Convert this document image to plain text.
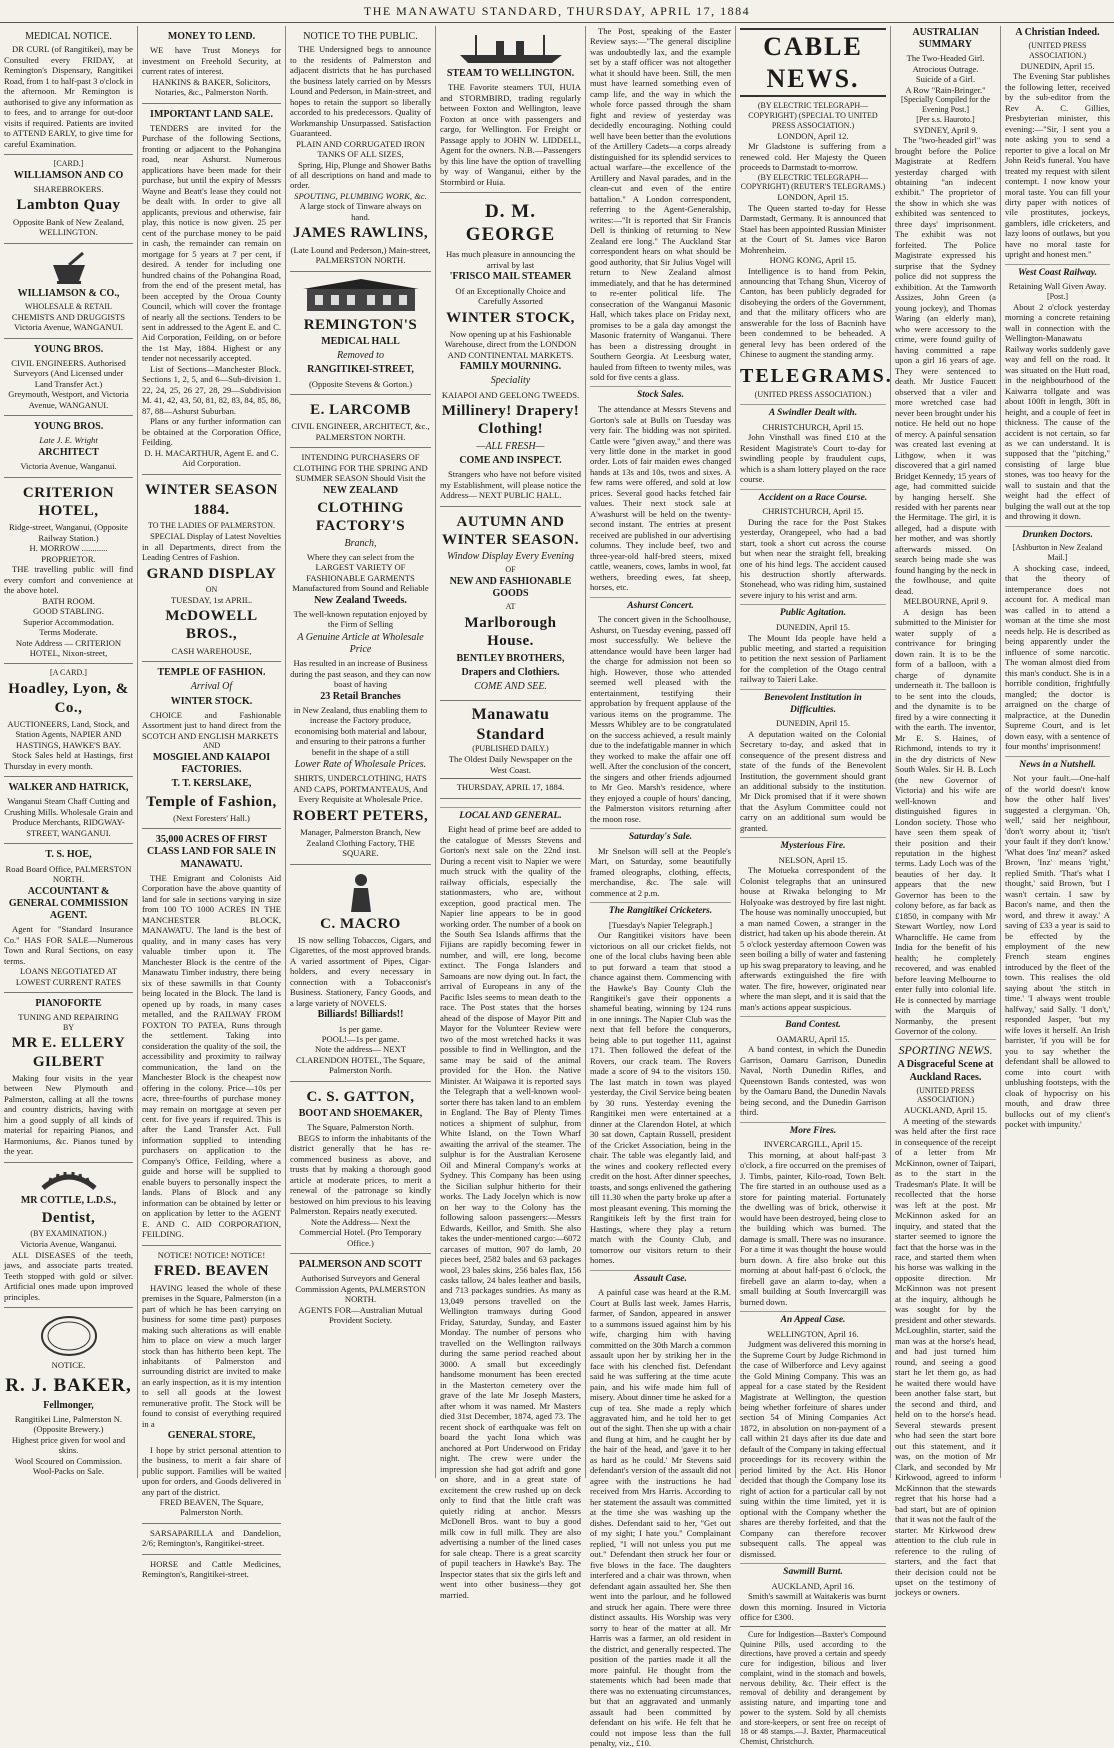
THE MANAWATU STANDARD, THURSDAY, APRIL 17, 1884
MEDICAL NOTICE.
DR CURL (of Rangitikei), may be Consulted every FRIDAY, at Remington's Dispensary, Rangitikei Road, from 1 to half-past 3 o'clock in the afternoon. Mr Remington is authorised to give any information as to fees, and to arrange for out-door visits if required. Patients are invited to ATTEND EARLY, to give time for careful Examination.
[CARD.]
WILLIAMSON AND CO
SHAREBROKERS.
Lambton Quay
Opposite Bank of New Zealand, WELLINGTON.
WILLIAMSON & CO.,
WHOLESALE & RETAIL
CHEMISTS AND DRUGGISTS
Victoria Avenue, WANGANUI.
YOUNG BROS.
CIVIL ENGINEERS. Authorised Surveyors (And Licensed under Land Transfer Act.)
Greymouth, Westport, and Victoria Avenue, WANGANUI.
YOUNG BROS.
Late J. E. Wright
ARCHITECT
Victoria Avenue, Wanganui.
CRITERION HOTEL,
Ridge-street, Wanganui, (Opposite Railway Station.)
H. MORROW ............ PROPRIETOR.
THE travelling public will find every comfort and convenience at the above hotel.
BATH ROOM.
GOOD STABLING.
Superior Accommodation.
Terms Moderate.
Note Address — CRITERION HOTEL, Nixon-street,
[A CARD.]
Hoadley, Lyon, & Co.,
AUCTIONEERS, Land, Stock, and Station Agents, NAPIER AND HASTINGS, HAWKE'S BAY.
Stock Sales held at Hastings, first Thursday in every month.
WALKER AND HATRICK,
Wanganui Steam Chaff Cutting and Crushing Mills. Wholesale Grain and Produce Merchants, RIDGWAY-STREET, WANGANUI.
T. S. HOE,
Road Board Office, PALMERSTON NORTH.
ACCOUNTANT & GENERAL COMMISSION AGENT.
Agent for "Standard Insurance Co." HAS FOR SALE—Numerous Town and Rural Sections, on easy terms.
LOANS NEGOTIATED AT LOWEST CURRENT RATES
PIANOFORTE
TUNING AND REPAIRING
BY
MR E. ELLERY GILBERT
Making four visits in the year between New Plymouth and Palmerston, calling at all the towns and country districts, having with him a good supply of all kinds of material for repairing Pianos, and Harmoniums, &c. Pianos tuned by the year.
MR COTTLE, L.D.S.,
Dentist,
(BY EXAMINATION.)
Victoria Avenue, Wanganui.
ALL DISEASES of the teeth, jaws, and associate parts treated. Teeth stopped with gold or silver. Artificial ones made upon improved principles.
NOTICE.
R. J. BAKER,
Fellmonger,
Rangitikei Line, Palmerston N. (Opposite Brewery.)
Highest price given for wool and skins.
Wool Scoured on Commission.
Wool-Packs on Sale.
MONEY TO LEND.
WE have Trust Moneys for investment on Freehold Security, at current rates of interest.
HANKINS & BAKER, Solicitors, Notaries, &c., Palmerston North.
IMPORTANT LAND SALE.
TENDERS are invited for the Purchase of the following Sections, fronting or adjacent to the Pohangina road, near Ashurst. Numerous applications have been made for their purchase, but until the expiry of Messrs Wayne and Beatt's lease they could not be dealt with. In order to give all applicants, previous and otherwise, fair play, this notice is now given. 25 per cent of the purchase money to be paid in cash, the remainder can remain on mortgage for 5 years at 7 per cent, if desired. A tender for including one hundred chains of the Pohangina Road, from the end of the present metal, has been accepted by the Oroua County Council, which will cover the frontage of nearly all the sections. Tenders to be sent in addressed to the Agent E. and C. Aid Corporation, Feilding, on or before the 1st May, 1884. Highest or any tender not necessarily accepted.
List of Sections—Manchester Block. Sections 1, 2, 5, and 6—Sub-division 1. 22, 24, 25, 26 27, 28, 29—Subdivision M. 41, 42, 43, 50, 81, 82, 83, 84, 85, 86, 87, 88—Ashurst Suburban.
Plans or any further information can be obtained at the Corporation Office, Feilding.
D. H. MACARTHUR, Agent E. and C. Aid Corporation.
WINTER SEASON
1884.
TO THE LADIES OF PALMERSTON.
SPECIAL Display of Latest Novelties in all Departments, direct from the Leading Centres of Fashion.
GRAND DISPLAY
ON
TUESDAY, 1st APRIL.
McDOWELL BROS.,
CASH WAREHOUSE,
TEMPLE OF FASHION.
Arrival Of
WINTER STOCK.
CHOICE and Fashionable Assortment just to hand direct from the SCOTCH AND ENGLISH MARKETS
AND
MOSGIEL AND KAIAPOI FACTORIES.
T. T. KERSLAKE,
Temple of Fashion,
(Next Foresters' Hall.)
35,000 ACRES OF FIRST CLASS LAND FOR SALE IN MANAWATU.
THE Emigrant and Colonists Aid Corporation have the above quantity of land for sale in sections varying in size from 100 TO 1000 ACRES IN THE MANCHESTER BLOCK, MANAWATU. The land is the best of quality, and in many cases has very valuable timber upon it. The Manchester Block is the centre of the Manawatu Timber industry, there being six of these sawmills in that County being located in the Block. The land is opened up by roads, in many cases metalled, and the RAILWAY FROM FOXTON TO PATEA, Runs through the settlement. Taking into consideration the quality of the soil, the accessibility and proximity to railway communication, the land on the Manchester Block is the cheapest now offering in the colony. Price—10s per acre, three-fourths of purchase money may remain on mortgage at seven per cent. for five years if required. This is after the Land Transfer Act. Full information supplied to intending purchasers on application to the Company's Office, Feilding, where a guide and horse will be supplied to enable buyers to personally inspect the lands. Plans of Block and any information can be obtained by letter or on application by letter to the AGENT E. AND C. AID CORPORATION, FEILDING.
NOTICE! NOTICE! NOTICE!
FRED. BEAVEN
HAVING leased the whole of these premises in the Square, Palmerston (in a part of which he has been carrying on business for some time past) purposes making such alterations as will enable him to place on view a much larger stock than has hitherto been kept. The inhabitants of Palmerston and surrounding district are invited to make an early inspection, as it is my intention to sell all goods at the lowest remunerative profit. The Stock will be found to consist of everything required in a
GENERAL STORE,
I hope by strict personal attention to the business, to merit a fair share of public support. Families will be waited upon for orders, and Goods delivered in any part of the district.
FRED BEAVEN, The Square, Palmerston North.
SARSAPARILLA and Dandelion, 2/6; Remington's, Rangitikei-street.
HORSE and Cattle Medicines, Remington's, Rangitikei-street.
NOTICE TO THE PUBLIC.
THE Undersigned begs to announce to the residents of Palmerston and adjacent districts that he has purchased the business lately carried on by Messrs Lound and Pederson, in Main-street, and hopes to retain the support so liberally accorded to his predecessors. Quality of Workmanship Unsurpassed. Satisfaction Guaranteed.
PLAIN AND CORRUGATED IRON TANKS OF ALL SIZES,
Spring, Hip, Plunge and Shower Baths of all descriptions on hand and made to order.
SPOUTING, PLUMBING WORK, &c.
A large stock of Tinware always on hand.
JAMES RAWLINS,
(Late Lound and Pederson,) Main-street, PALMERSTON NORTH.
REMINGTON'S
MEDICAL HALL
Removed to
RANGITIKEI-STREET,
(Opposite Stevens & Gorton.)
E. LARCOMB
CIVIL ENGINEER, ARCHITECT, &c.,
PALMERSTON NORTH.
INTENDING PURCHASERS OF CLOTHING FOR THE SPRING AND SUMMER SEASON Should Visit the
NEW ZEALAND
CLOTHING FACTORY'S
Branch,
Where they can select from the LARGEST VARIETY OF FASHIONABLE GARMENTS Manufactured from Sound and Reliable
New Zealand Tweeds.
The well-known reputation enjoyed by the Firm of Selling
A Genuine Article at Wholesale Price
Has resulted in an increase of Business during the past season, and they can now boast of having
23 Retail Branches
in New Zealand, thus enabling them to increase the Factory produce, economising both material and labour, and ensuring to their patrons a further benefit in the shape of a still
Lower Rate of Wholesale Prices.
SHIRTS, UNDERCLOTHING, HATS AND CAPS, PORTMANTEAUS, And Every Requisite at Wholesale Price.
ROBERT PETERS,
Manager, Palmerston Branch, New Zealand Clothing Factory, THE SQUARE.
C. MACRO
IS now selling Tobaccos, Cigars, and Cigarettes, of the most approved brands. A varied assortment of Pipes, Cigar-holders, and every necessary in connection with a Tobacconist's Business. Stationery, Fancy Goods, and a large variety of NOVELS.
Billiards! Billiards!!
1s per game.
POOL!—1s per game.
Note the address— NEXT CLARENDON HOTEL, The Square, Palmerston North.
C. S. GATTON,
BOOT AND SHOEMAKER,
The Square, Palmerston North.
BEGS to inform the inhabitants of the district generally that he has re-commenced business as above, and trusts that by making a thorough good article at moderate prices, to merit a renewal of the patronage so kindly bestowed on him previous to his leaving Palmerston. Repairs neatly executed.
Note the Address— Next the Commercial Hotel. (Pro Temporary Office.)
PALMERSON AND SCOTT
Authorised Surveyors and General Commission Agents, PALMERSTON NORTH.
AGENTS FOR—Australian Mutual Provident Society.
STEAM TO WELLINGTON.
THE Favorite steamers TUI, HUIA and STORMBIRD, trading regularly between Foxton and Wellington, leave Foxton at once with passengers and cargo, for Wellington. For Freight or Passage apply to JOHN W. LIDDELL, Agent for the owners. N.B.—Passengers by this line have the option of travelling by way of Wanganui, either by the Stormbird or Huia.
D. M. GEORGE
Has much pleasure in announcing the arrival by last
'FRISCO MAIL STEAMER
Of an Exceptionally Choice and Carefully Assorted
WINTER STOCK,
Now opening up at his Fashionable Warehouse, direct from the LONDON AND CONTINENTAL MARKETS.
FAMILY MOURNING.
Speciality
KAIAPOI AND GEELONG TWEEDS.
Millinery! Drapery! Clothing!
—ALL FRESH—
COME AND INSPECT.
Strangers who have not before visited my Establishment, will please notice the Address— NEXT PUBLIC HALL.
AUTUMN AND WINTER SEASON.
Window Display Every Evening
OF
NEW AND FASHIONABLE GOODS
AT
Marlborough House.
BENTLEY BROTHERS,
Drapers and Clothiers.
COME AND SEE.
Manawatu Standard
(PUBLISHED DAILY.)
The Oldest Daily Newspaper on the West Coast.
THURSDAY, APRIL 17, 1884.
LOCAL AND GENERAL.
Eight head of prime beef are added to the catalogue of Messrs Stevens and Gorton's next sale on the 22nd inst. During a recent visit to Napier we were much struck with the quality of the railway officials, especially the stationmasters, who are, without exception, good practical men. The Napier line appears to be in good working order. The number of a book on the South Sea Islands affirms that the Fijians are rapidly becoming fewer in number, and will, ere long, become extinct. The Fonga Islanders and Samoans are now dying out. In fact, the arrival of Europeans in any of the Pacific Isles seems to mean death to the race. The Post states that the horses ahead of the dispose of Mayor Pitt and Mayor for the Volunteer Review were two of the most wretched hacks it was possible to find in Wellington, and the same may be said of the animal provided for the Hon. the Native Minister. At Waipawa it is reported says the Telegraph that a well-known wool-sorter there has taken land to an emblem in England. The Bay of Plenty Times notices a shipment of sulphur, from White Island, on the Town Wharf awaiting the arrival of the steamer. The sulphur is for the Australian Kerosene Oil and Mineral Company's works at Sydney. This Company has been using the Sicilian sulphur hitherto for their works. The Lady Jocelyn which is now on her way to the Colony has the following saloon passengers:—Messrs Edwards, Keillor, and Smith. She also takes the under-mentioned cargo:—6072 carcases of mutton, 907 do lamb, 20 pieces beef, 2582 bales and 63 packages wool, 23 bales skins, 256 bales flax, 156 casks tallow, 24 bales leather and basils, and 713 packages sundries. As many as 13,049 persons travelled on the Wellington tramways during Good Friday, Saturday, Sunday, and Easter Monday. The number of persons who travelled on the Wellington railways during the same period reached about 3000. A small but exceedingly handsome monument has been erected in the Masterton cemetery over the grave of the late Mr Joseph Masters, after whom it was named. Mr Masters died 31st December, 1874, aged 73. The recent shock of earthquake was felt on board the yacht Iona which was anchored at Port Underwood on Friday night. The crew were under the impression she had got adrift and gone on shore, and in a great state of excitement the crew rushed up on deck only to find that the little craft was quietly riding at anchor. Messrs McDonell Bros. want to buy a good milk cow in full milk. They are also advertising a number of the lined cases for sale cheap. There is a great scarcity of pupil teachers in Hawke's Bay. The Inspector states that six the girls left and went into other business—they got married.
The Post, speaking of the Easter Review says:—"The general discipline was undoubtedly lax, and the example set by a staff officer was not altogether what it should have been. Still, the men must have learned something even of camp life, and the way in which the whole force passed through the sham fight and review of yesterday was decidedly encouraging. Nothing could well have been better than the evolutions of the Artillery Cadets—a corps already distinguished for its splendid services to actual warfare—the excellence of the Artillery and Naval parades, and in the clean-cut and even of the entire battalion." A London correspondent, referring to the Agent-Generalship, writes:—"It is reported that Sir Francis Dell is thinking of returning to New Zealand ere long." The Auckland Star correspondent hears on what should be good authority, that Sir Julius Vogel will return to New Zealand almost immediately, and that he has determined to re-enter political life. The consecration of the Wanganui Masonic Hall, which takes place on Friday next, promises to be a gala day amongst the Masonic fraternity of Wanganui. There has been a distressing drought in Southern Georgia. At Leesburg water, hauled from fifteen to twenty miles, was sold for five cents a glass.
Stock Sales.
The attendance at Messrs Stevens and Gorton's sale at Bulls on Tuesday was very fair. The bidding was not spirited. Cattle were "given away," and there was very little done in the market in good order. Lots of fair maiden ewes changed hands at 13s and 10s, twos and sixes. A few rams were offered, and sold at low prices. Several good hacks fetched fair values. Their next stock sale at A'washurst will be held on the twenty-second instant. The entries at present received are published in our advertising columns. They include beef, two and three-year-old half-bred steers, mixed cattle, weaners, cows, lambs in wool, fat wethers, breeding ewes, fat sheep, horses, etc.
Ashurst Concert.
The concert given in the Schoolhouse, Ashurst, on Tuesday evening, passed off most successfully. We believe the attendance would have been larger had the charge for admission not been so high. However, those who attended seemed well pleased with the entertainment, testifying their approbation by frequent applause of the various items on the programme. The Messrs Whibley are to be congratulated on the success achieved, a result mainly due to the indefatigable manner in which they worked to make the affair one off well. After the conclusion of the concert, the singers and other friends adjourned to Mr Geo. Marsh's residence, where they enjoyed a couple of hours' dancing, the Palmerston visitors returning after the moon rose.
Saturday's Sale.
Mr Snelson will sell at the People's Mart, on Saturday, some beautifully framed oleographs, clothing, effects, merchandise, &c. The sale will commence at 2 p.m.
The Rangitikei Cricketers.
[Tuesday's Napier Telegraph.]
Our Rangitikei visitors have been victorious on all our cricket fields, not one of the local clubs having been able to put forward a team that stood a chance against them. Commencing with the Hawke's Bay County Club the Rangitikei's gave their opponents a shameful beating, winning by 124 runs in one innings. The Napier Club was the next that fell before the conquerors, being able to put together 111, against 171. Then followed the defeat of the Rovers, our crack team. The Rovers made a score of 94 to the visitors 150. The last match in town was played yesterday, the Civil Service being beaten by 30 runs. Yesterday evening the Rangitikei men were entertained at a dinner at the Clarendon Hotel, at which 30 sat down, Captain Russell, president of the Cricket Association, being in the chair. The table was elegantly laid, and the wines and cookery reflected every credit on the host. After dinner speeches, toasts, and songs enlivened the gathering till 11.30 when the party broke up after a most pleasant evening. This morning the Rangitikeis left by the first train for Hastings, where they play a return match with the County Club, and tomorrow our visitors return to their homes.
Assault Case.
A painful case was heard at the R.M. Court at Bulls last week. James Harris, farmer, of Sandon, appeared in answer to a summons issued against him by his wife, charging him with having committed on the 30th March a common assault upon her by striking her in the face with his clenched fist. Defendant said he was suffering at the time acute pain, and his wife made him full of misery. About dinner time he asked for a cup of tea. She made a reply which aggravated him, and he told her to get out of the sight. Then she up with a chair and flung at him, and he caught her by the hair of the head, and 'gave it to her as hard as he could.' Mr Stevens said defendant's version of the assault did not agree with the instructions he had received from Mrs Harris. According to her statement the assault was committed at the time she was washing up the dishes. Defendant said to her, "Get out of my sight; I hate you." Complainant replied, "I will not unless you put me out." Defendant then struck her four or five blows in the face. The daughters interfered and a chair was thrown, when defendant again assaulted her. She then went into the parlour, and he followed and struck her again. There were three distinct assaults. His Worship was very sorry to hear of the matter at all. Mr Harris was a farmer, an old resident in the district, and generally respected. The position of the parties made it all the more painful. He thought from the statements which had been made that there was no extenuating circumstances, but that an aggravated and unmanly assault had been committed by defendant on his wife. He felt that he could not impose less than the full penalty, viz., £10.
CABLE NEWS.
(BY ELECTRIC TELEGRAPH—COPYRIGHT) (SPECIAL TO UNITED PRESS ASSOCIATION.)
LONDON, April 12.
Mr Gladstone is suffering from a renewed cold. Her Majesty the Queen proceeds to Darmstadt to-morrow.
(BY ELECTRIC TELEGRAPH—COPYRIGHT) (REUTER'S TELEGRAMS.)
LONDON, April 15.
The Queen started to-day for Hesse Darmstadt, Germany. It is announced that Stael has been appointed Russian Minister at the Court of St. James vice Baron Mohrenheim.
HONG KONG, April 15.
Intelligence is to hand from Pekin, announcing that Tchang Shun, Viceroy of Canton, has been publicly degraded for disobeying the orders of the Government, and that the military officers who are answerable for the loss of Bacninh have been condemned to be beheaded. A general levy has been ordered of the Chinese to augment the standing army.
TELEGRAMS.
(UNITED PRESS ASSOCIATION.)
A Swindler Dealt with.
CHRISTCHURCH, April 15.
John Vinsthall was fined £10 at the Resident Magistrate's Court to-day for swindling people by fraudulent cups, which is a sham lottery played on the race course.
Accident on a Race Course.
CHRISTCHURCH, April 15.
During the race for the Post Stakes yesterday, Orangepeel, who had a bad start, took a short cut across the course but when near the straight fell, breaking one of his hind legs. The accident caused his destruction shortly afterwards. Stonehead, who was riding him, sustained severe injury to his wrist and arm.
Public Agitation.
DUNEDIN, April 15.
The Mount Ida people have held a public meeting, and started a requisition to petition the next session of Parliament for the completion of the Otago central railway to Taieri Lake.
Benevolent Institution in Difficulties.
DUNEDIN, April 15.
A deputation waited on the Colonial Secretary to-day, and asked that in consequence of the present distress and state of the funds of the Benevolent Institution, the government should grant an additional subsidy to the institution. Mr Dick promised that if it were shown that the Asylum Committee could not carry on an additional sum would be granted.
Mysterious Fire.
NELSON, April 15.
The Motueka correspondent of the Colonist telegraphs that an uninsured house at Riwaka belonging to Mr Holyoake was destroyed by fire last night. The house was nominally unoccupied, but a man named Cowen, a stranger in the district, had taken up his abode therein. At 5 o'clock yesterday afternoon Cowen was seen boiling a billy of water and fastening up his swag preparatory to leaving, and he afterwards extinguished the fire with water. The fire, however, originated near where the man slept, and it is said that the man's actions appear suspicious.
Band Contest.
OAMARU, April 15.
A band contest, in which the Dunedin Garrison, Oamaru Garrison, Dunedin Naval, North Dunedin Rifles, and Queenstown Bands contested, was won by the Oamaru Band, the Dunedin Navals being second, and the Dunedin Garrison third.
More Fires.
INVERCARGILL, April 15.
This morning, at about half-past 3 o'clock, a fire occurred on the premises of J. Timbs, painter, Kilo-road, Town Belt. The fire started in an outhouse used as a store for painting material. Fortunately the dwelling was of brick, otherwise it would have been destroyed, being close to the building which was burned. The damage is small. There was no insurance. For a time it was thought the house would burn down. A fire also broke out this morning at about half-past 6 o'clock, the firebell gave an alarm to-day, when a small building at South Invercargill was burned down.
An Appeal Case.
WELLINGTON, April 16.
Judgment was delivered this morning in the Supreme Court by Judge Richmond in the case of Wilberforce and Levy against the Gold Mining Company. This was an appeal for a case stated by the Resident Magistrate at Wellington, the question being whether forfeiture of shares under section 54 of Mining Companies Act 1872, in absolution on non-payment of a call within 21 days after its due date and default of the Company in taking effectual proceedings for its recovery within the period limited by the Act. His Honor decided that though the Company lose its right of action for a particular call by not suing within the time limited, yet it is optional with the Company whether the shares are thereby forfeited, and that the Company can therefore recover subsequent calls. The appeal was dismissed.
Sawmill Burnt.
AUCKLAND, April 16.
Smith's sawmill at Waitakeris was burnt down this morning. Insured in Victoria office for £300.
Cure for Indigestion—Baxter's Compound Quinine Pills, used according to the directions, have proved a certain and speedy cure for indigestion, bilious and liver complaint, wind in the stomach and bowels, nervous debility, &c. Their effect is the removal of debility and derangement by assisting nature, and imparting tone and power to the system. Sold by all chemists and store-keepers, or sent free on receipt of 18 or 48 stamps.—J. Baxter, Pharmaceutical Chemist, Christchurch.
AUSTRALIAN SUMMARY
The Two-Headed Girl.
Atrocious Outrage.
Suicide of a Girl.
A Row "Rain-Bringer."
[Specially Compiled for the Evening Post.]
[Per s.s. Hauroto.]
SYDNEY, April 9.
The "two-headed girl" was brought before the Police Magistrate at Redfern yesterday charged with obtaining "an indecent exhibit." The proprietor of the show in which she was exhibited was sentenced to three days' imprisonment. The exhibit was not forfeited. The Police Magistrate expressed his surprise that the Sydney police did not suppress the exhibition. At the Tamworth Assizes, John Green (a young jockey), and Thomas Waring (an elderly man), who were accessory to the crime, were found guilty of having committed a rape upon a girl 16 years of age. They were sentenced to death. Mr Justice Faucett observed that a viler and more wretched case had never been brought under his notice. He held out no hope of mercy. A painful sensation was created last evening at Lithgow, when it was discovered that a girl named Bridget Kennedy, 15 years of age, had committed suicide by hanging herself. She resided with her parents near the Hermitage. The girl, it is alleged, had a dispute with her mother, and was shortly afterwards missed. On search being made she was found hanging by the neck in the fowlhouse, and quite dead.
MELBOURNE, April 9.
A design has been submitted to the Minister for water supply of a contrivance for bringing down rain. It is to be the form of a balloon, with a charge of dynamite underneath it. The balloon is to be sent into the clouds, and the dynamite is to be fired by a wire connecting it with the earth. The inventor, Mr E. S. Haines, of Richmond, intends to try it in the dry districts of New South Wales. Sir H. B. Loch (the new Governor of Victoria) and his wife are well-known and distinguished figures in London society. Those who have seen them speak of their position and their reputation in the highest terms. Lady Loch was of the beauties of her day. It appears that the new Governor has been to the colony before, as far back as £1850, in company with Mr Stewart Wortley, now Lord Wharncliffe. He came from India for the benefit of his health; he completely recovered, and was enabled before leaving Melbourne to enter fully into colonial life. He is connected by marriage with the Marquis of Normanby, the present Governor of the colony.
SPORTING NEWS.
A Disgraceful Scene at Auckland Races.
(UNITED PRESS ASSOCIATION.)
AUCKLAND, April 15.
A meeting of the stewards was held after the first race in consequence of the receipt of a letter from Mr McKinnon, owner of Taipari, as to the start in the Tradesman's Plate. It will be recollected that the horse was left at the post. Mr McKinnon asked for an inquiry, and stated that the starter seemed to ignore the fact that the horse was in the race, and started them when his horse was walking in the opposite direction. Mr McKinnon was not present at the inquiry, although he was sought for by the president and other stewards. McLoughlin, starter, said the man was at the horse's head, and had just turned him round, and seeing a good start he let them go, as had he waited there would have been another false start, but the second and third, and held on to the horse's head. Several stewards present who had seen the start bore out this statement, and it was, on the motion of Mr Clark, and seconded by Mr Kirkwood, agreed to inform McKinnon that the stewards regret that his horse had a bad start, but are of opinion that it was not the fault of the starter. Mr Kirkwood drew attention to the club rule in reference to the ruling of starters, and the fact that their decision could not be upset on the testimony of jockeys or owners.
A Christian Indeed.
(UNITED PRESS ASSOCIATION.)
DUNEDIN, April 15.
The Evening Star publishes the following letter, received by the sub-editor from the Rev A. C. Gillies, Presbyterian minister, this evening:—"Sir, I sent you a note asking you to send a reporter to give a local on Mr John Reid's funeral. You have treated my request with silent contempt. I now know your moral taste. You can fill your dirty paper with notices of vile prostitutes, jockeys, gamblers, idle cricketers, and lazy loons of outlaws, but you have no moral taste for upright and honest men."
West Coast Railway.
Retaining Wall Given Away.
[Post.]
About 2 o'clock yesterday morning a concrete retaining wall in connection with the Wellington-Manawatu Railway works suddenly gave way and fell on the road. It was situated on the Hutt road, in the neighbourhood of the Kaiwarra tollgate and was about 100ft in length, 30ft in height, and a couple of feet in thickness. The cause of the accident is not certain, so far as we can understand. It is supposed that the "pitching," consisting of large blue stones, was too heavy for the wall to sustain and that the weight had the effect of bulging the wall out at the top and throwing it down.
Drunken Doctors.
[Ashburton in New Zealand Mail.]
A shocking case, indeed, that the theory of intemperance does not account for. A medical man was called in to attend a woman at the time she most needs help. He is described as being apparently under the influence of some narcotic. The woman almost died from this man's conduct. She is in a horrible condition, frightfully mangled; the doctor is arraigned on the charge of malpractice, at the Dunedin Supreme Court, and is let down easy, with a sentence of four months' imprisonment!
News in a Nutshell.
Not your fault.—One-half of the world doesn't know how the other half lives' suggested a clergyman. 'Oh, well,' said her neighbour, 'don't worry about it; 'tisn't your fault if they don't know.' 'What does 'Inz' mean?' asked Brown, 'Inz' means 'right,' replied Smith. 'That's what I thought,' said Brown, 'but I wasn't certain. I saw by Bacon's name, and then the word, and threw it away.' A saving of £33 a year is said to be effected by the employment of the new French steam engines introduced by the fleet of the town. This realises the old saying about 'the stitch in time.' 'I always went trouble halfway,' said Sally. 'I don't,' responded Jasper, 'but my wife loves it herself. An Irish barrister, 'if you will be for you to say whether the defendant shall be allowed to come into court with unblushing footsteps, with the cloak of hypocrisy on his mouth, and draw three bullocks out of my client's pocket with impunity.'
